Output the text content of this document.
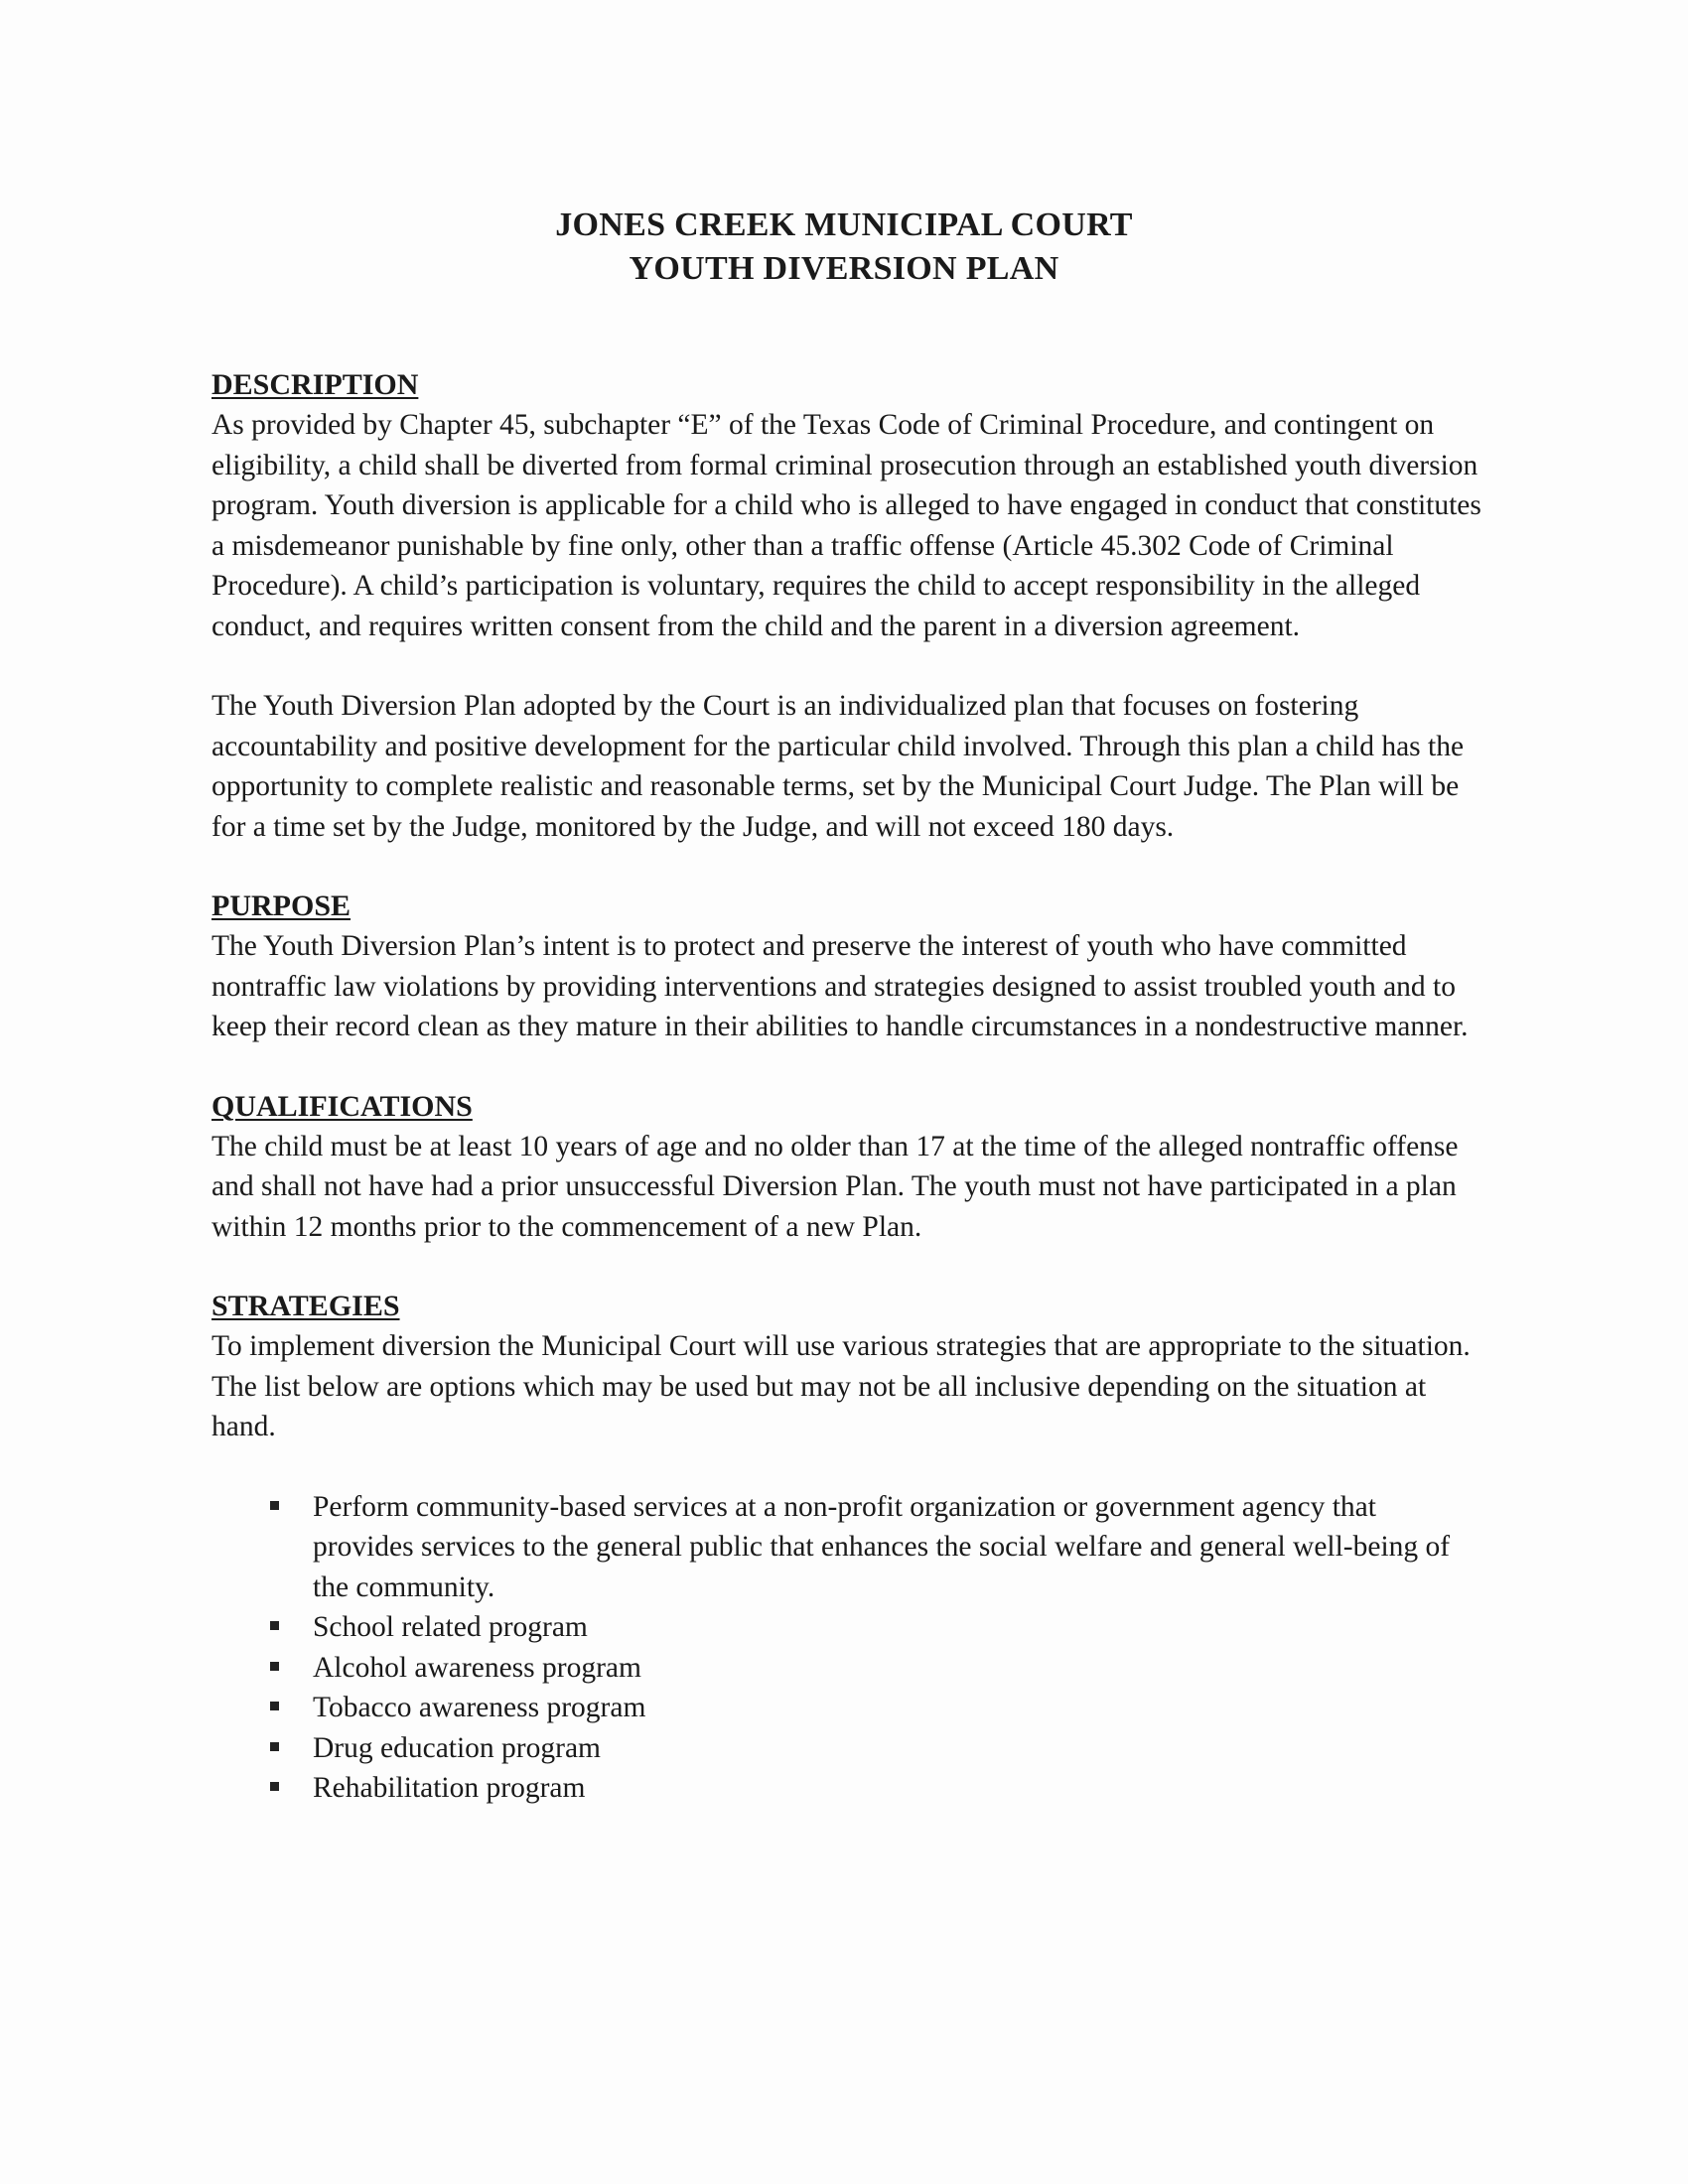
JONES CREEK MUNICIPAL COURT
YOUTH DIVERSION PLAN
DESCRIPTION

As provided by Chapter 45, subchapter “E” of the Texas Code of Criminal Procedure, and contingent on eligibility, a child shall be diverted from formal criminal prosecution through an established youth diversion program. Youth diversion is applicable for a child who is alleged to have engaged in conduct that constitutes a misdemeanor punishable by fine only, other than a traffic offense (Article 45.302 Code of Criminal Procedure). A child’s participation is voluntary, requires the child to accept responsibility in the alleged conduct, and requires written consent from the child and the parent in a diversion agreement.

The Youth Diversion Plan adopted by the Court is an individualized plan that focuses on fostering accountability and positive development for the particular child involved. Through this plan a child has the opportunity to complete realistic and reasonable terms, set by the Municipal Court Judge. The Plan will be for a time set by the Judge, monitored by the Judge, and will not exceed 180 days.

PURPOSE

The Youth Diversion Plan’s intent is to protect and preserve the interest of youth who have committed nontraffic law violations by providing interventions and strategies designed to assist troubled youth and to keep their record clean as they mature in their abilities to handle circumstances in a nondestructive manner.

QUALIFICATIONS

The child must be at least 10 years of age and no older than 17 at the time of the alleged nontraffic offense and shall not have had a prior unsuccessful Diversion Plan. The youth must not have participated in a plan within 12 months prior to the commencement of a new Plan.

STRATEGIES

To implement diversion the Municipal Court will use various strategies that are appropriate to the situation. The list below are options which may be used but may not be all inclusive depending on the situation at hand.

Perform community-based services at a non-profit organization or government agency that provides services to the general public that enhances the social welfare and general well-being of the community.
School related program
Alcohol awareness program
Tobacco awareness program
Drug education program
Rehabilitation program
